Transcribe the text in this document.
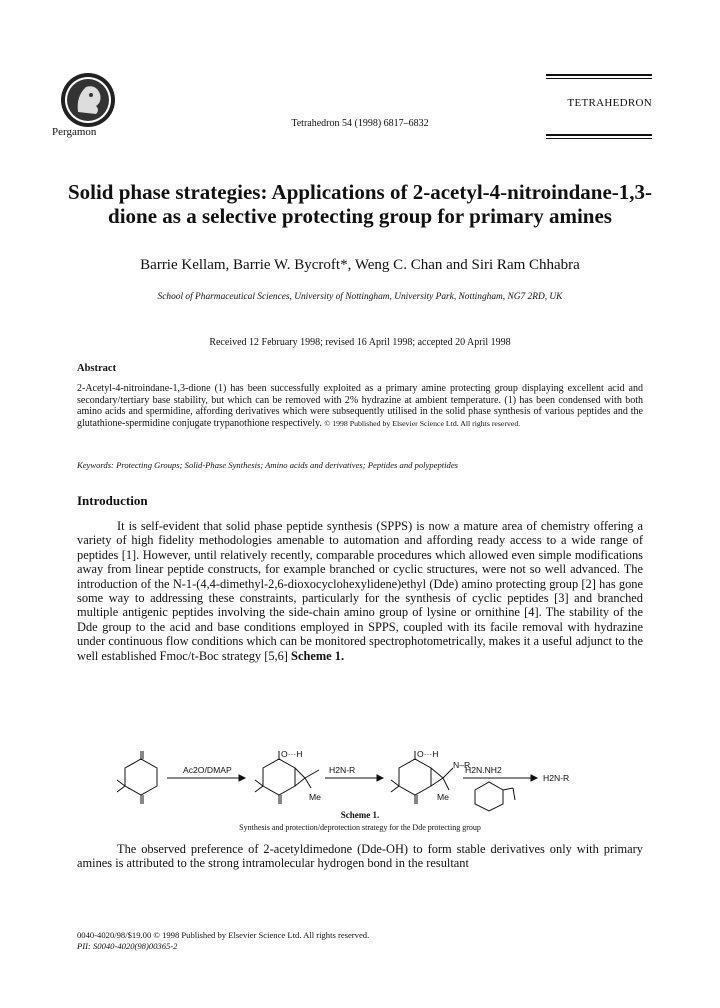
Pergamon
Tetrahedron 54 (1998) 6817–6832
TETRAHEDRON
Solid phase strategies: Applications of 2-acetyl-4-nitroindane-1,3-dione as a selective protecting group for primary amines
Barrie Kellam, Barrie W. Bycroft*, Weng C. Chan and Siri Ram Chhabra
School of Pharmaceutical Sciences, University of Nottingham, University Park, Nottingham, NG7 2RD, UK
Received 12 February 1998; revised 16 April 1998; accepted 20 April 1998
Abstract
2-Acetyl-4-nitroindane-1,3-dione (1) has been successfully exploited as a primary amine protecting group displaying excellent acid and secondary/tertiary base stability, but which can be removed with 2% hydrazine at ambient temperature. (1) has been condensed with both amino acids and spermidine, affording derivatives which were subsequently utilised in the solid phase synthesis of various peptides and the glutathione-spermidine conjugate trypanothione respectively. © 1998 Published by Elsevier Science Ltd. All rights reserved.
Keywords: Protecting Groups; Solid-Phase Synthesis; Amino acids and derivatives; Peptides and polypeptides
Introduction

It is self-evident that solid phase peptide synthesis (SPPS) is now a mature area of chemistry offering a variety of high fidelity methodologies amenable to automation and affording ready access to a wide range of peptides [1]. However, until relatively recently, comparable procedures which allowed even simple modifications away from linear peptide constructs, for example branched or cyclic structures, were not so well advanced. The introduction of the N-1-(4,4-dimethyl-2,6-dioxocyclohexylidene)ethyl (Dde) amino protecting group [2] has gone some way to addressing these constraints, particularly for the synthesis of cyclic peptides [3] and branched multiple antigenic peptides involving the side-chain amino group of lysine or ornithine [4]. The stability of the Dde group to the acid and base conditions employed in SPPS, coupled with its facile removal with hydrazine under continuous flow conditions which can be monitored spectrophotometrically, makes it a useful adjunct to the well established Fmoc/t-Boc strategy [5,6] Scheme 1.

Ac2O/DMAP	H2N-R	H2N.NH2
H2N-R
O···H	O···H
N–R
Me	Me
Scheme 1.
Synthesis and protection/deprotection strategy for the Dde protecting group

The observed preference of 2-acetyldimedone (Dde-OH) to form stable derivatives only with primary amines is attributed to the strong intramolecular hydrogen bond in the resultant

0040-4020/98/$19.00 © 1998 Published by Elsevier Science Ltd. All rights reserved.
PII: S0040-4020(98)00365-2
